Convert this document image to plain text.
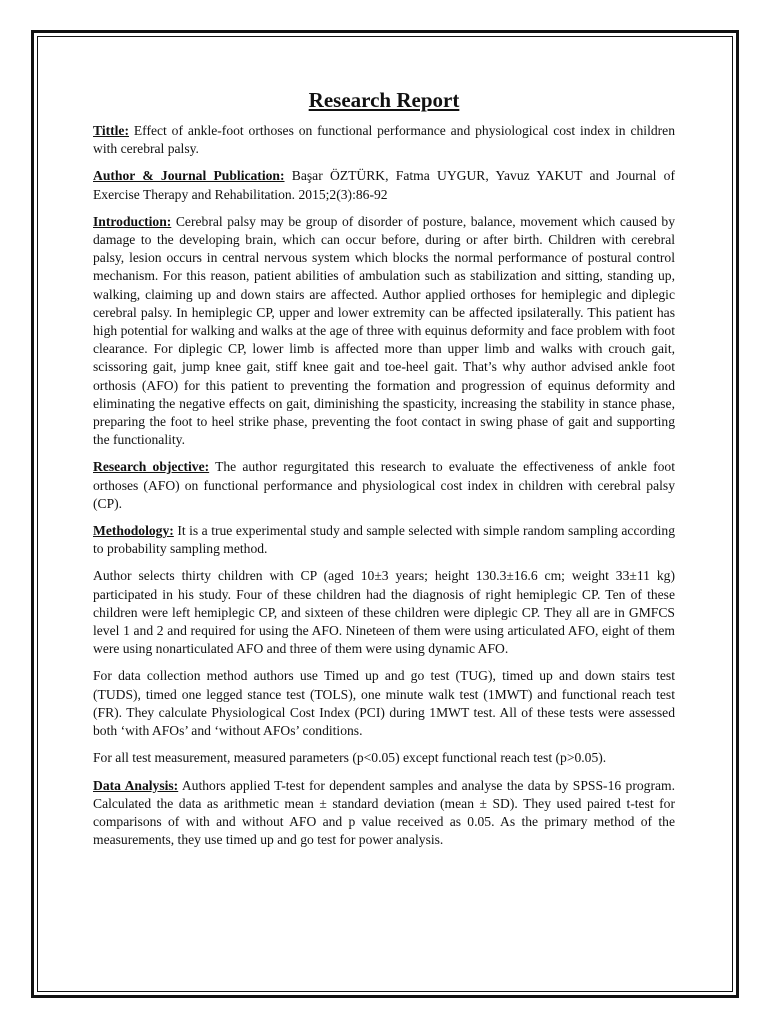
Research Report

Tittle: Effect of ankle-foot orthoses on functional performance and physiological cost index in children with cerebral palsy.

Author & Journal Publication: Başar ÖZTÜRK, Fatma UYGUR, Yavuz YAKUT and Journal of Exercise Therapy and Rehabilitation. 2015;2(3):86-92

Introduction: Cerebral palsy may be group of disorder of posture, balance, movement which caused by damage to the developing brain, which can occur before, during or after birth. Children with cerebral palsy, lesion occurs in central nervous system which blocks the normal performance of postural control mechanism. For this reason, patient abilities of ambulation such as stabilization and sitting, standing up, walking, claiming up and down stairs are affected. Author applied orthoses for hemiplegic and diplegic cerebral palsy. In hemiplegic CP, upper and lower extremity can be affected ipsilaterally. This patient has high potential for walking and walks at the age of three with equinus deformity and face problem with foot clearance. For diplegic CP, lower limb is affected more than upper limb and walks with crouch gait, scissoring gait, jump knee gait, stiff knee gait and toe-heel gait. That’s why author advised ankle foot orthosis (AFO) for this patient to preventing the formation and progression of equinus deformity and eliminating the negative effects on gait, diminishing the spasticity, increasing the stability in stance phase, preparing the foot to heel strike phase, preventing the foot contact in swing phase of gait and supporting the functionality.

Research objective: The author regurgitated this research to evaluate the effectiveness of ankle foot orthoses (AFO) on functional performance and physiological cost index in children with cerebral palsy (CP).

Methodology: It is a true experimental study and sample selected with simple random sampling according to probability sampling method.

Author selects thirty children with CP (aged 10±3 years; height 130.3±16.6 cm; weight 33±11 kg) participated in his study. Four of these children had the diagnosis of right hemiplegic CP. Ten of these children were left hemiplegic CP, and sixteen of these children were diplegic CP. They all are in GMFCS level 1 and 2 and required for using the AFO. Nineteen of them were using articulated AFO, eight of them were using nonarticulated AFO and three of them were using dynamic AFO.

For data collection method authors use Timed up and go test (TUG), timed up and down stairs test (TUDS), timed one legged stance test (TOLS), one minute walk test (1MWT) and functional reach test (FR). They calculate Physiological Cost Index (PCI) during 1MWT test. All of these tests were assessed both ‘with AFOs’ and ‘without AFOs’ conditions.

For all test measurement, measured parameters (p<0.05) except functional reach test (p>0.05).

Data Analysis: Authors applied T-test for dependent samples and analyse the data by SPSS-16 program. Calculated the data as arithmetic mean ± standard deviation (mean ± SD). They used paired t-test for comparisons of with and without AFO and p value received as 0.05. As the primary method of the measurements, they use timed up and go test for power analysis.
